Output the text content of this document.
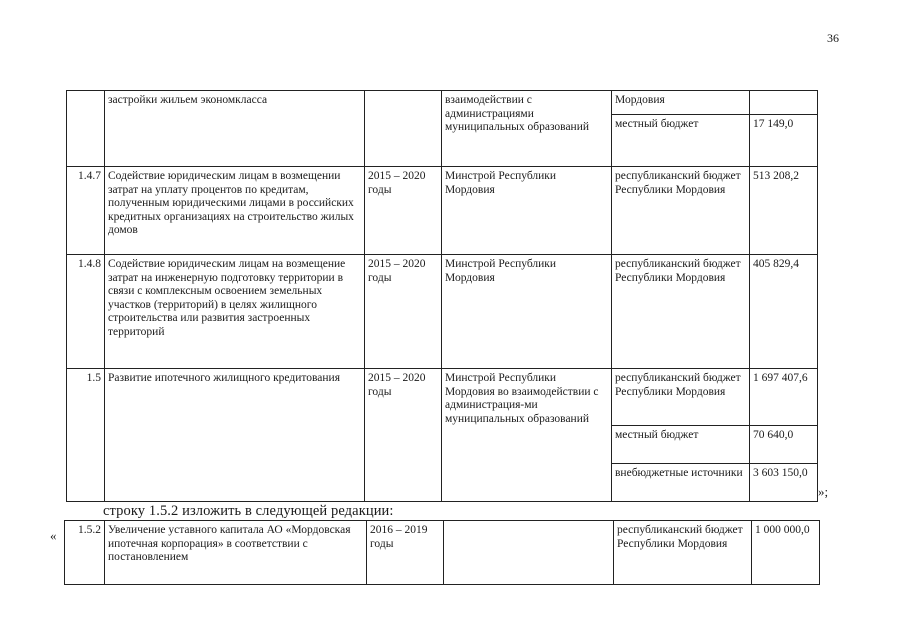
36
	застройки жильем экономкласса		взаимодействии с администрациями муниципальных образований	Мордовия	
				местный бюджет	17 149,0
1.4.7	Содействие юридическим лицам в возмещении затрат на уплату процентов по кредитам, полученным юридическими лицами в российских кредитных организациях на строительство жилых домов	2015 – 2020 годы	Минстрой Республики Мордовия	республиканский бюджет Республики Мордовия	513 208,2
1.4.8	Содействие юридическим лицам на возмещение затрат на инженерную подготовку территории в связи с комплексным освоением земельных участков (территорий) в целях жилищного строительства или развития застроенных территорий	2015 – 2020 годы	Минстрой Республики Мордовия	республиканский бюджет Республики Мордовия	405 829,4
1.5	Развитие ипотечного жилищного кредитования	2015 – 2020 годы	Минстрой Республики Мордовия во взаимодействии с администрация-ми муниципальных образований	республиканский бюджет Республики Мордовия	1 697 407,6
				местный бюджет	70 640,0
				внебюджетные источники	3 603 150,0
»;
строку 1.5.2 изложить в следующей редакции:
« 1.5.2	Увеличение уставного капитала АО «Мордовская ипотечная корпорация» в соответствии с постановлением	2016 – 2019 годы		республиканский бюджет Республики Мордовия	1 000 000,0
